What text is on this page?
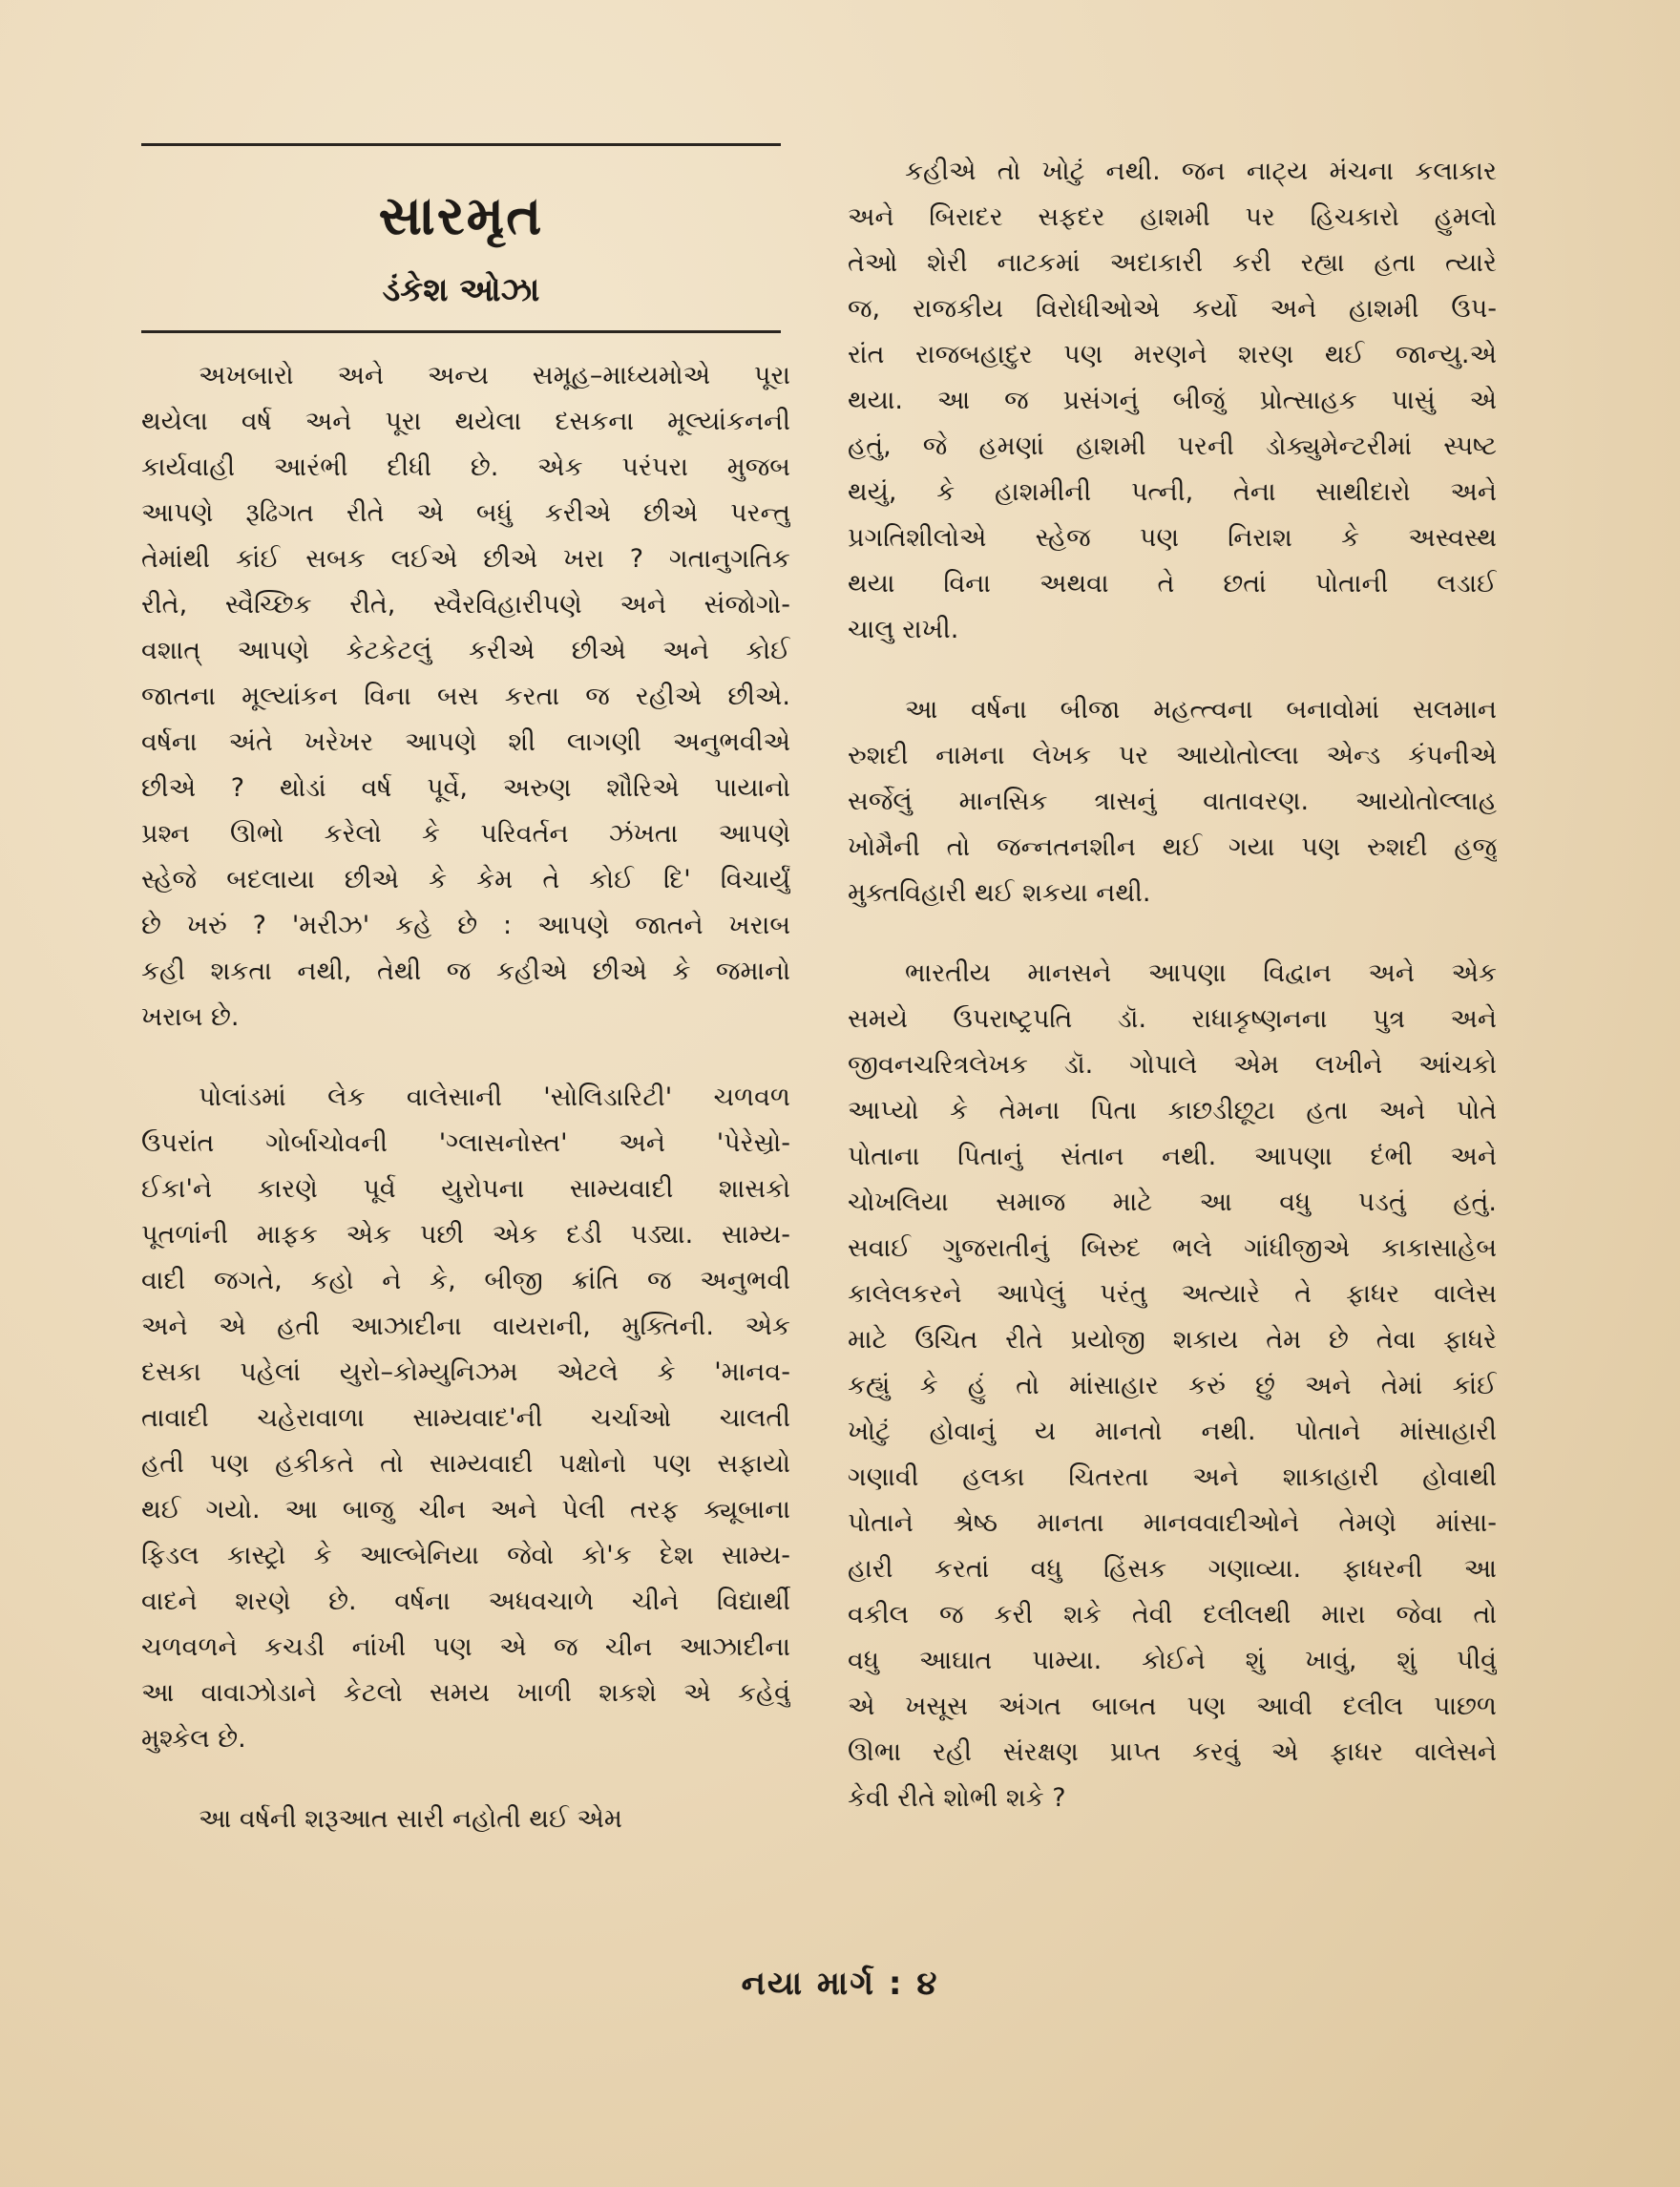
સારમૃત
ડંકેશ ઓઝા
અખબારો અને અન્ય સમૂહ–માધ્યમોએ પૂરા
થયેલા વર્ષ અને પૂરા થયેલા દસકના મૂલ્યાંકનની
કાર્યવાહી આરંભી દીધી છે. એક પરંપરા મુજબ
આપણે રૂઢિગત રીતે એ બધું કરીએ છીએ પરન્તુ
તેમાંથી કાંઈ સબક લઈએ છીએ ખરા ? ગતાનુગતિક
રીતે, સ્વૈચ્છિક રીતે, સ્વૈરવિહારીપણે અને સંજોગો-
વશાત્ આપણે કેટકેટલું કરીએ છીએ અને કોઈ
જાતના મૂલ્યાંકન વિના બસ કરતા જ રહીએ છીએ.
વર્ષના અંતે ખરેખર આપણે શી લાગણી અનુભવીએ
છીએ ? થોડાં વર્ષ પૂર્વે, અરુણ શૌરિએ પાયાનો
પ્રશ્ન ઊભો કરેલો કે પરિવર્તન ઝંખતા આપણે
સ્હેજે બદલાયા છીએ કે કેમ તે કોઈ દિ' વિચાર્યું
છે ખરું ? 'મરીઝ' કહે છે : આપણે જાતને ખરાબ
કહી શકતા નથી, તેથી જ કહીએ છીએ કે જમાનો
ખરાબ છે.
પોલાંડમાં લેક વાલેસાની 'સોલિડારિટી' ચળવળ
ઉપરાંત ગોર્બાચોવની 'ગ્લાસનોસ્ત' અને 'પેરેસ્રો-
ઈકા'ને કારણે પૂર્વ યુરોપના સામ્યવાદી શાસકો
પૂતળાંની માફક એક પછી એક દડી પડ્યા. સામ્ય-
વાદી જગતે, કહો ને કે, બીજી ક્રાંતિ જ અનુભવી
અને એ હતી આઝાદીના વાયરાની, મુક્તિની. એક
દસકા પહેલાં યુરો–કોમ્યુનિઝમ એટલે કે 'માનવ-
તાવાદી ચહેરાવાળા સામ્યવાદ'ની ચર્ચાઓ ચાલતી
હતી પણ હકીકતે તો સામ્યવાદી પક્ષોનો પણ સફાયો
થઈ ગયો. આ બાજુ ચીન અને પેલી તરફ ક્યૂબાના
ફિડલ કાસ્ટ્રો કે આલ્બેનિયા જેવો કો'ક દેશ સામ્ય-
વાદને શરણે છે. વર્ષના અધવચાળે ચીને વિદ્યાર્થી
ચળવળને કચડી નાંખી પણ એ જ ચીન આઝાદીના
આ વાવાઝોડાને કેટલો સમય ખાળી શકશે એ કહેવું
મુશ્કેલ છે.
આ વર્ષની શરૂઆત સારી નહોતી થઈ એમ
કહીએ તો ખોટું નથી. જન નાટ્ય મંચના કલાકાર
અને બિરાદર સફદર હાશમી પર હિચકારો હુમલો
તેઓ શેરી નાટકમાં અદાકારી કરી રહ્યા હતા ત્યારે
જ, રાજકીય વિરોધીઓએ કર્યો અને હાશમી ઉપ-
રાંત રાજબહાદુર પણ મરણને શરણ થઈ જાન્યુ.એ
થયા. આ જ પ્રસંગનું બીજું પ્રોત્સાહક પાસું એ
હતું, જે હમણાં હાશમી પરની ડોક્યુમેન્ટરીમાં સ્પષ્ટ
થયું, કે હાશમીની પત્ની, તેના સાથીદારો અને
પ્રગતિશીલોએ સ્હેજ પણ નિરાશ કે અસ્વસ્થ
થયા વિના અથવા તે છતાં પોતાની લડાઈ
ચાલુ રાખી.
આ વર્ષના બીજા મહત્ત્વના બનાવોમાં સલમાન
રુશદી નામના લેખક પર આયોતોલ્લા એન્ડ કંપનીએ
સર્જેલું માનસિક ત્રાસનું વાતાવરણ. આયોતોલ્લાહ
ખોમૈની તો જન્નતનશીન થઈ ગયા પણ રુશદી હજુ
મુક્તવિહારી થઈ શકયા નથી.
ભારતીય માનસને આપણા વિદ્વાન અને એક
સમયે ઉપરાષ્ટ્રપતિ ડૉ. રાધાકૃષ્ણનના પુત્ર અને
જીવનચરિત્રલેખક ડૉ. ગોપાલે એમ લખીને આંચકો
આપ્યો કે તેમના પિતા કાછડીછૂટા હતા અને પોતે
પોતાના પિતાનું સંતાન નથી. આપણા દંભી અને
ચોખલિયા સમાજ માટે આ વધુ પડતું હતું.
સવાઈ ગુજરાતીનું બિરુદ ભલે ગાંધીજીએ કાકાસાહેબ
કાલેલકરને આપેલું પરંતુ અત્યારે તે ફાધર વાલેસ
માટે ઉચિત રીતે પ્રયોજી શકાય તેમ છે તેવા ફાધરે
કહ્યું કે હું તો માંસાહાર કરું છું અને તેમાં કાંઈ
ખોટું હોવાનું ય માનતો નથી. પોતાને માંસાહારી
ગણાવી હલકા ચિતરતા અને શાકાહારી હોવાથી
પોતાને શ્રેષ્ઠ માનતા માનવવાદીઓને તેમણે માંસા-
હારી કરતાં વધુ હિંસક ગણાવ્યા. ફાધરની આ
વકીલ જ કરી શકે તેવી દલીલથી મારા જેવા તો
વધુ આઘાત પામ્યા. કોઈને શું ખાવું, શું પીવું
એ ખસૂસ અંગત બાબત પણ આવી દલીલ પાછળ
ઊભા રહી સંરક્ષણ પ્રાપ્ત કરવું એ ફાધર વાલેસને
કેવી રીતે શોભી શકે ?
નયા માર્ગ : ૪
